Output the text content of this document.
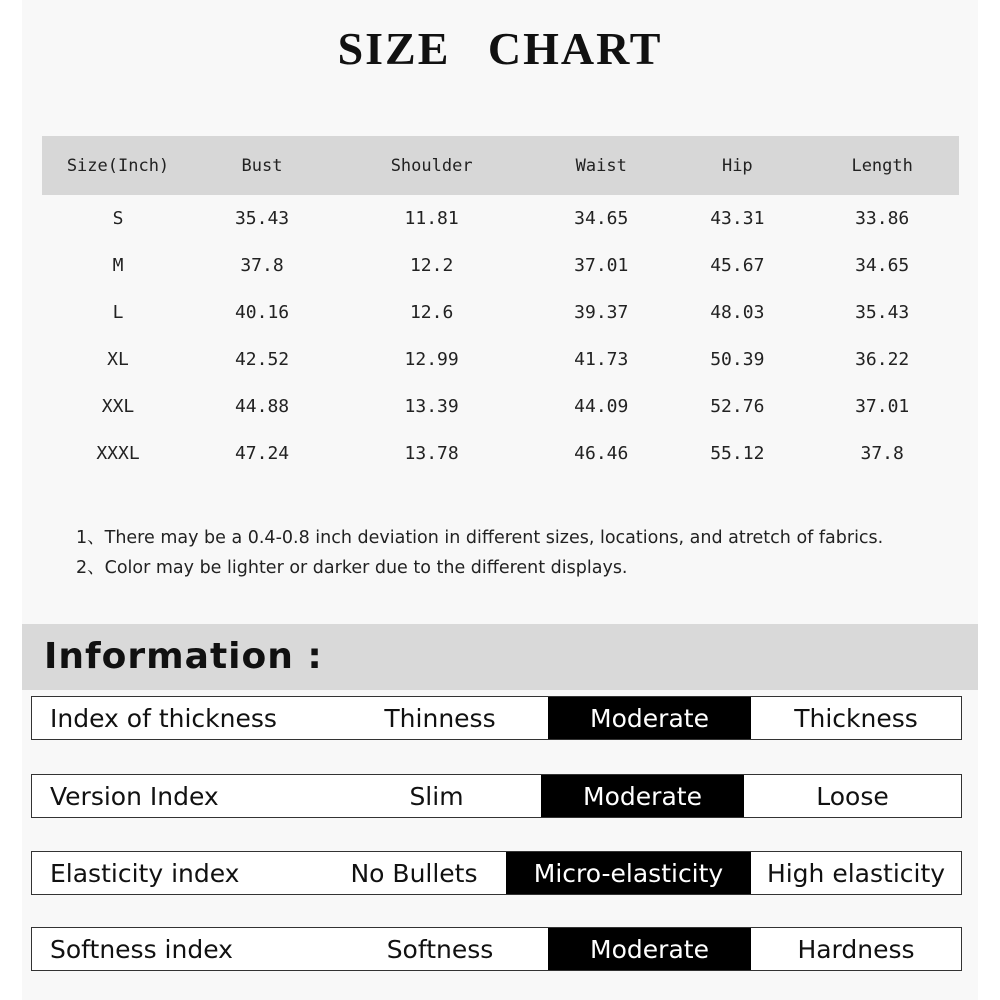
SIZE CHART
Size(Inch)	Bust	Shoulder	Waist	Hip	Length
S	35.43	11.81	34.65	43.31	33.86
M	37.8	12.2	37.01	45.67	34.65
L	40.16	12.6	39.37	48.03	35.43
XL	42.52	12.99	41.73	50.39	36.22
XXL	44.88	13.39	44.09	52.76	37.01
XXXL	47.24	13.78	46.46	55.12	37.8
1、There may be a 0.4-0.8 inch deviation in different sizes, locations, and atretch of fabrics.
2、Color may be lighter or darker due to the different displays.
Information :
Index of thickness	Thinness	Moderate	Thickness
Version Index	Slim	Moderate	Loose
Elasticity index	No Bullets	Micro-elasticity	High elasticity
Softness index	Softness	Moderate	Hardness
